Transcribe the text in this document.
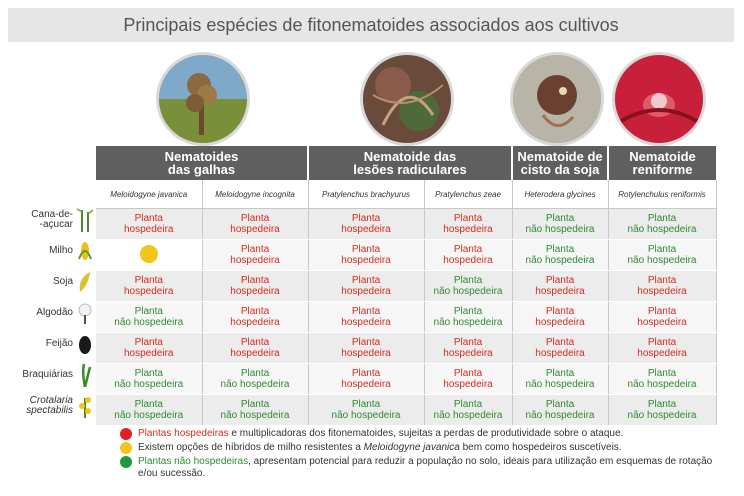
Principais espécies de fitonematoides associados aos cultivos
Cana-de-
-açucar
Milho
Soja
Algodão
Feijão
Braquiárias
Crotalaria
spectabilis
Nematoides
das galhas		Nematoide das
lesões radiculares		Nematoide de
cisto da soja	Nematoide
reniforme

Meloidogyne javanica	Meloidogyne incognita	Pratylenchus brachyurus	Pratylenchus zeae	Heterodera glycines	Rotylenchulus reniformis

Planta
hospedeira	Planta
hospedeira	Planta
hospedeira	Planta
hospedeira	Planta
não hospedeira	Planta
não hospedeira

	Planta
hospedeira	Planta
hospedeira	Planta
hospedeira	Planta
não hospedeira	Planta
não hospedeira

Planta
hospedeira	Planta
hospedeira	Planta
hospedeira	Planta
não hospedeira	Planta
hospedeira	Planta
hospedeira

Planta
não hospedeira	Planta
hospedeira	Planta
hospedeira	Planta
não hospedeira	Planta
hospedeira	Planta
hospedeira

Planta
hospedeira	Planta
hospedeira	Planta
hospedeira	Planta
hospedeira	Planta
hospedeira	Planta
hospedeira

Planta
não hospedeira	Planta
não hospedeira	Planta
hospedeira	Planta
hospedeira	Planta
não hospedeira	Planta
não hospedeira

Planta
não hospedeira	Planta
não hospedeira	Planta
não hospedeira	Planta
não hospedeira	Planta
não hospedeira	Planta
não hospedeira
Plantas hospedeiras e multiplicadoras dos fitonematoides, sujeitas a perdas de produtividade sobre o ataque.
Existem opções de híbridos de milho resistentes a Meloidogyne javanica bem como hospedeiros suscetíveis.
Plantas não hospedeiras, apresentam potencial para reduzir a população no solo, ideais para utilização em esquemas de rotação e/ou sucessão.
